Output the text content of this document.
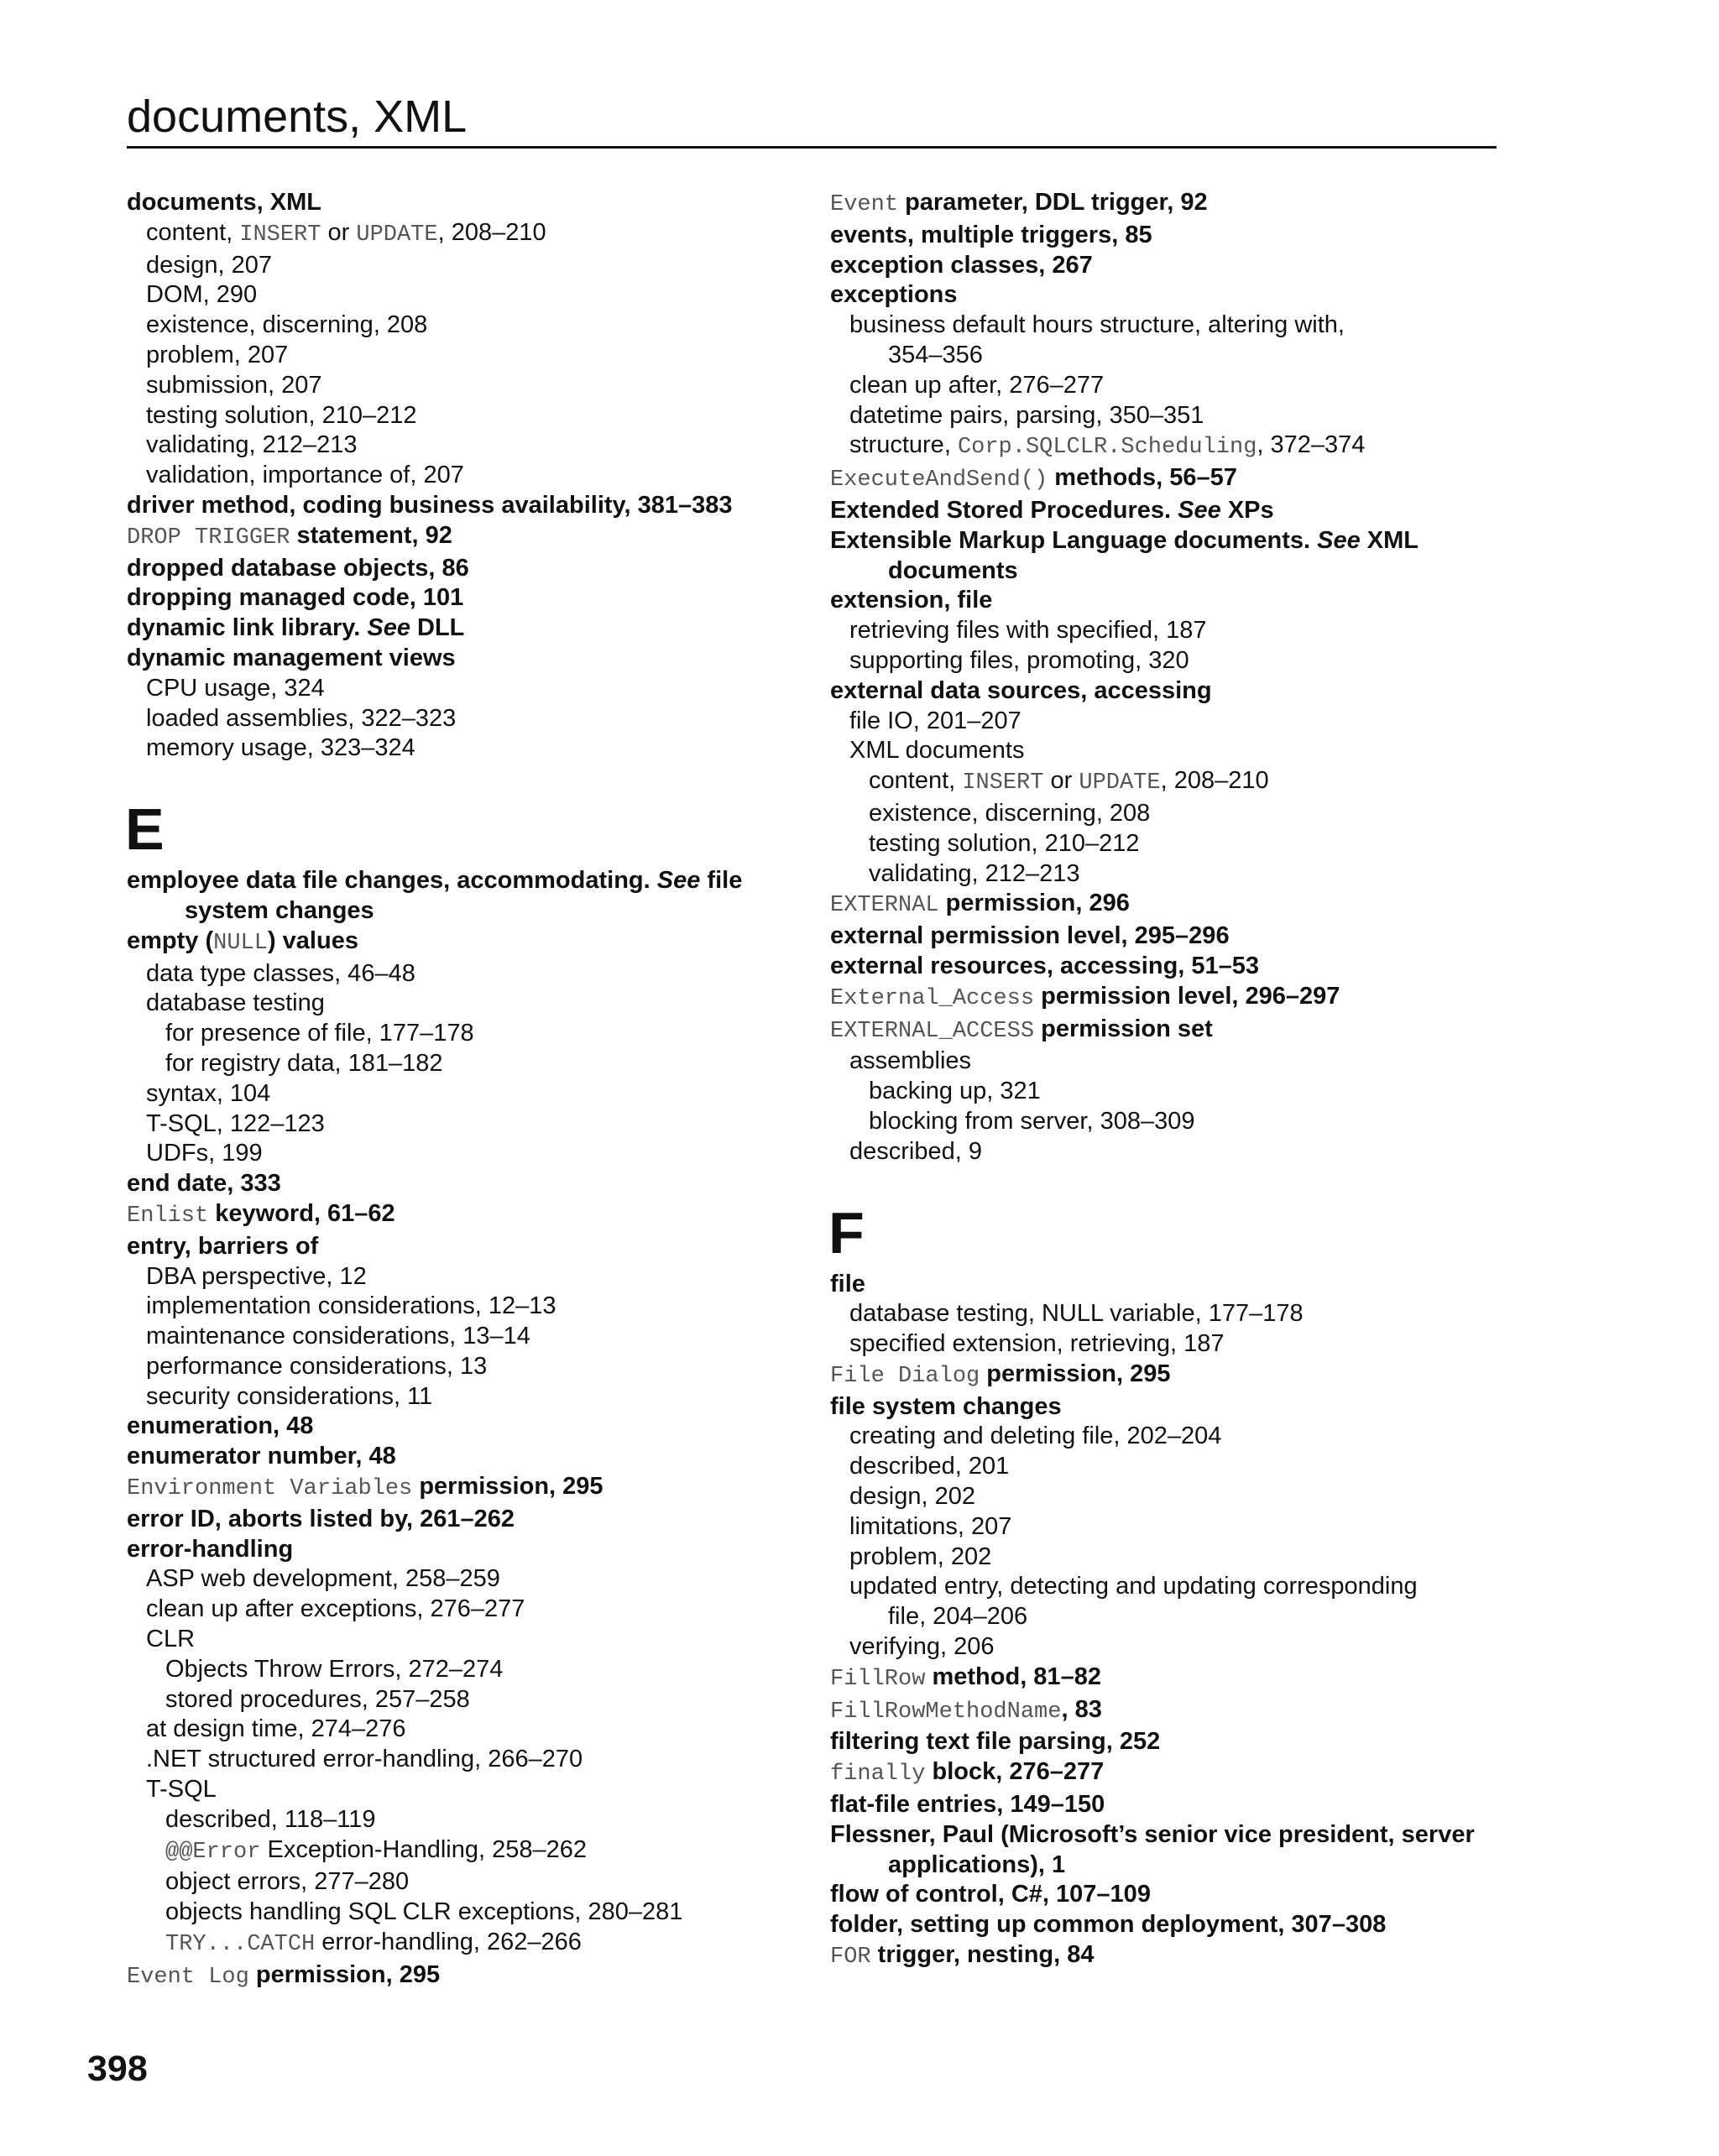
documents, XML
documents, XML
content, INSERT or UPDATE, 208–210
design, 207
DOM, 290
existence, discerning, 208
problem, 207
submission, 207
testing solution, 210–212
validating, 212–213
validation, importance of, 207
driver method, coding business availability, 381–383
DROP TRIGGER statement, 92
dropped database objects, 86
dropping managed code, 101
dynamic link library. See DLL
dynamic management views
CPU usage, 324
loaded assemblies, 322–323
memory usage, 323–324
E
employee data file changes, accommodating. See file
system changes
empty (NULL) values
data type classes, 46–48
database testing
for presence of file, 177–178
for registry data, 181–182
syntax, 104
T-SQL, 122–123
UDFs, 199
end date, 333
Enlist keyword, 61–62
entry, barriers of
DBA perspective, 12
implementation considerations, 12–13
maintenance considerations, 13–14
performance considerations, 13
security considerations, 11
enumeration, 48
enumerator number, 48
Environment Variables permission, 295
error ID, aborts listed by, 261–262
error-handling
ASP web development, 258–259
clean up after exceptions, 276–277
CLR
Objects Throw Errors, 272–274
stored procedures, 257–258
at design time, 274–276
.NET structured error-handling, 266–270
T-SQL
described, 118–119
@@Error Exception-Handling, 258–262
object errors, 277–280
objects handling SQL CLR exceptions, 280–281
TRY...CATCH error-handling, 262–266
Event Log permission, 295
Event parameter, DDL trigger, 92
events, multiple triggers, 85
exception classes, 267
exceptions
business default hours structure, altering with,
354–356
clean up after, 276–277
datetime pairs, parsing, 350–351
structure, Corp.SQLCLR.Scheduling, 372–374
ExecuteAndSend() methods, 56–57
Extended Stored Procedures. See XPs
Extensible Markup Language documents. See XML
documents
extension, file
retrieving files with specified, 187
supporting files, promoting, 320
external data sources, accessing
file IO, 201–207
XML documents
content, INSERT or UPDATE, 208–210
existence, discerning, 208
testing solution, 210–212
validating, 212–213
EXTERNAL permission, 296
external permission level, 295–296
external resources, accessing, 51–53
External_Access permission level, 296–297
EXTERNAL_ACCESS permission set
assemblies
backing up, 321
blocking from server, 308–309
described, 9
F
file
database testing, NULL variable, 177–178
specified extension, retrieving, 187
File Dialog permission, 295
file system changes
creating and deleting file, 202–204
described, 201
design, 202
limitations, 207
problem, 202
updated entry, detecting and updating corresponding
file, 204–206
verifying, 206
FillRow method, 81–82
FillRowMethodName, 83
filtering text file parsing, 252
finally block, 276–277
flat-file entries, 149–150
Flessner, Paul (Microsoft’s senior vice president, server
applications), 1
flow of control, C#, 107–109
folder, setting up common deployment, 307–308
FOR trigger, nesting, 84
398
